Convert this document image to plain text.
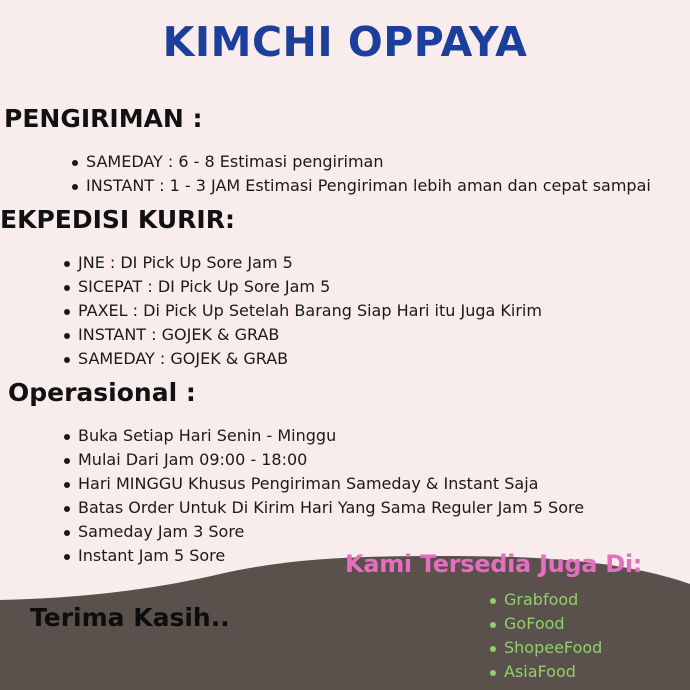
KIMCHI OPPAYA
PENGIRIMAN :
SAMEDAY : 6 - 8 Estimasi pengiriman
INSTANT : 1 - 3 JAM Estimasi Pengiriman lebih aman dan cepat sampai
EKPEDISI KURIR:
JNE : DI Pick Up Sore Jam 5
SICEPAT : DI Pick Up Sore Jam 5
PAXEL : Di Pick Up Setelah Barang Siap Hari itu Juga Kirim
INSTANT : GOJEK & GRAB
SAMEDAY : GOJEK & GRAB
Operasional :
Buka Setiap Hari Senin - Minggu
Mulai Dari Jam 09:00 - 18:00
Hari MINGGU Khusus Pengiriman Sameday & Instant Saja
Batas Order Untuk Di Kirim Hari Yang Sama Reguler Jam 5 Sore
Sameday Jam 3 Sore
Instant Jam 5 Sore	Kami Tersedia Juga Di:
Terima Kasih..
Grabfood
GoFood
ShopeeFood
AsiaFood
